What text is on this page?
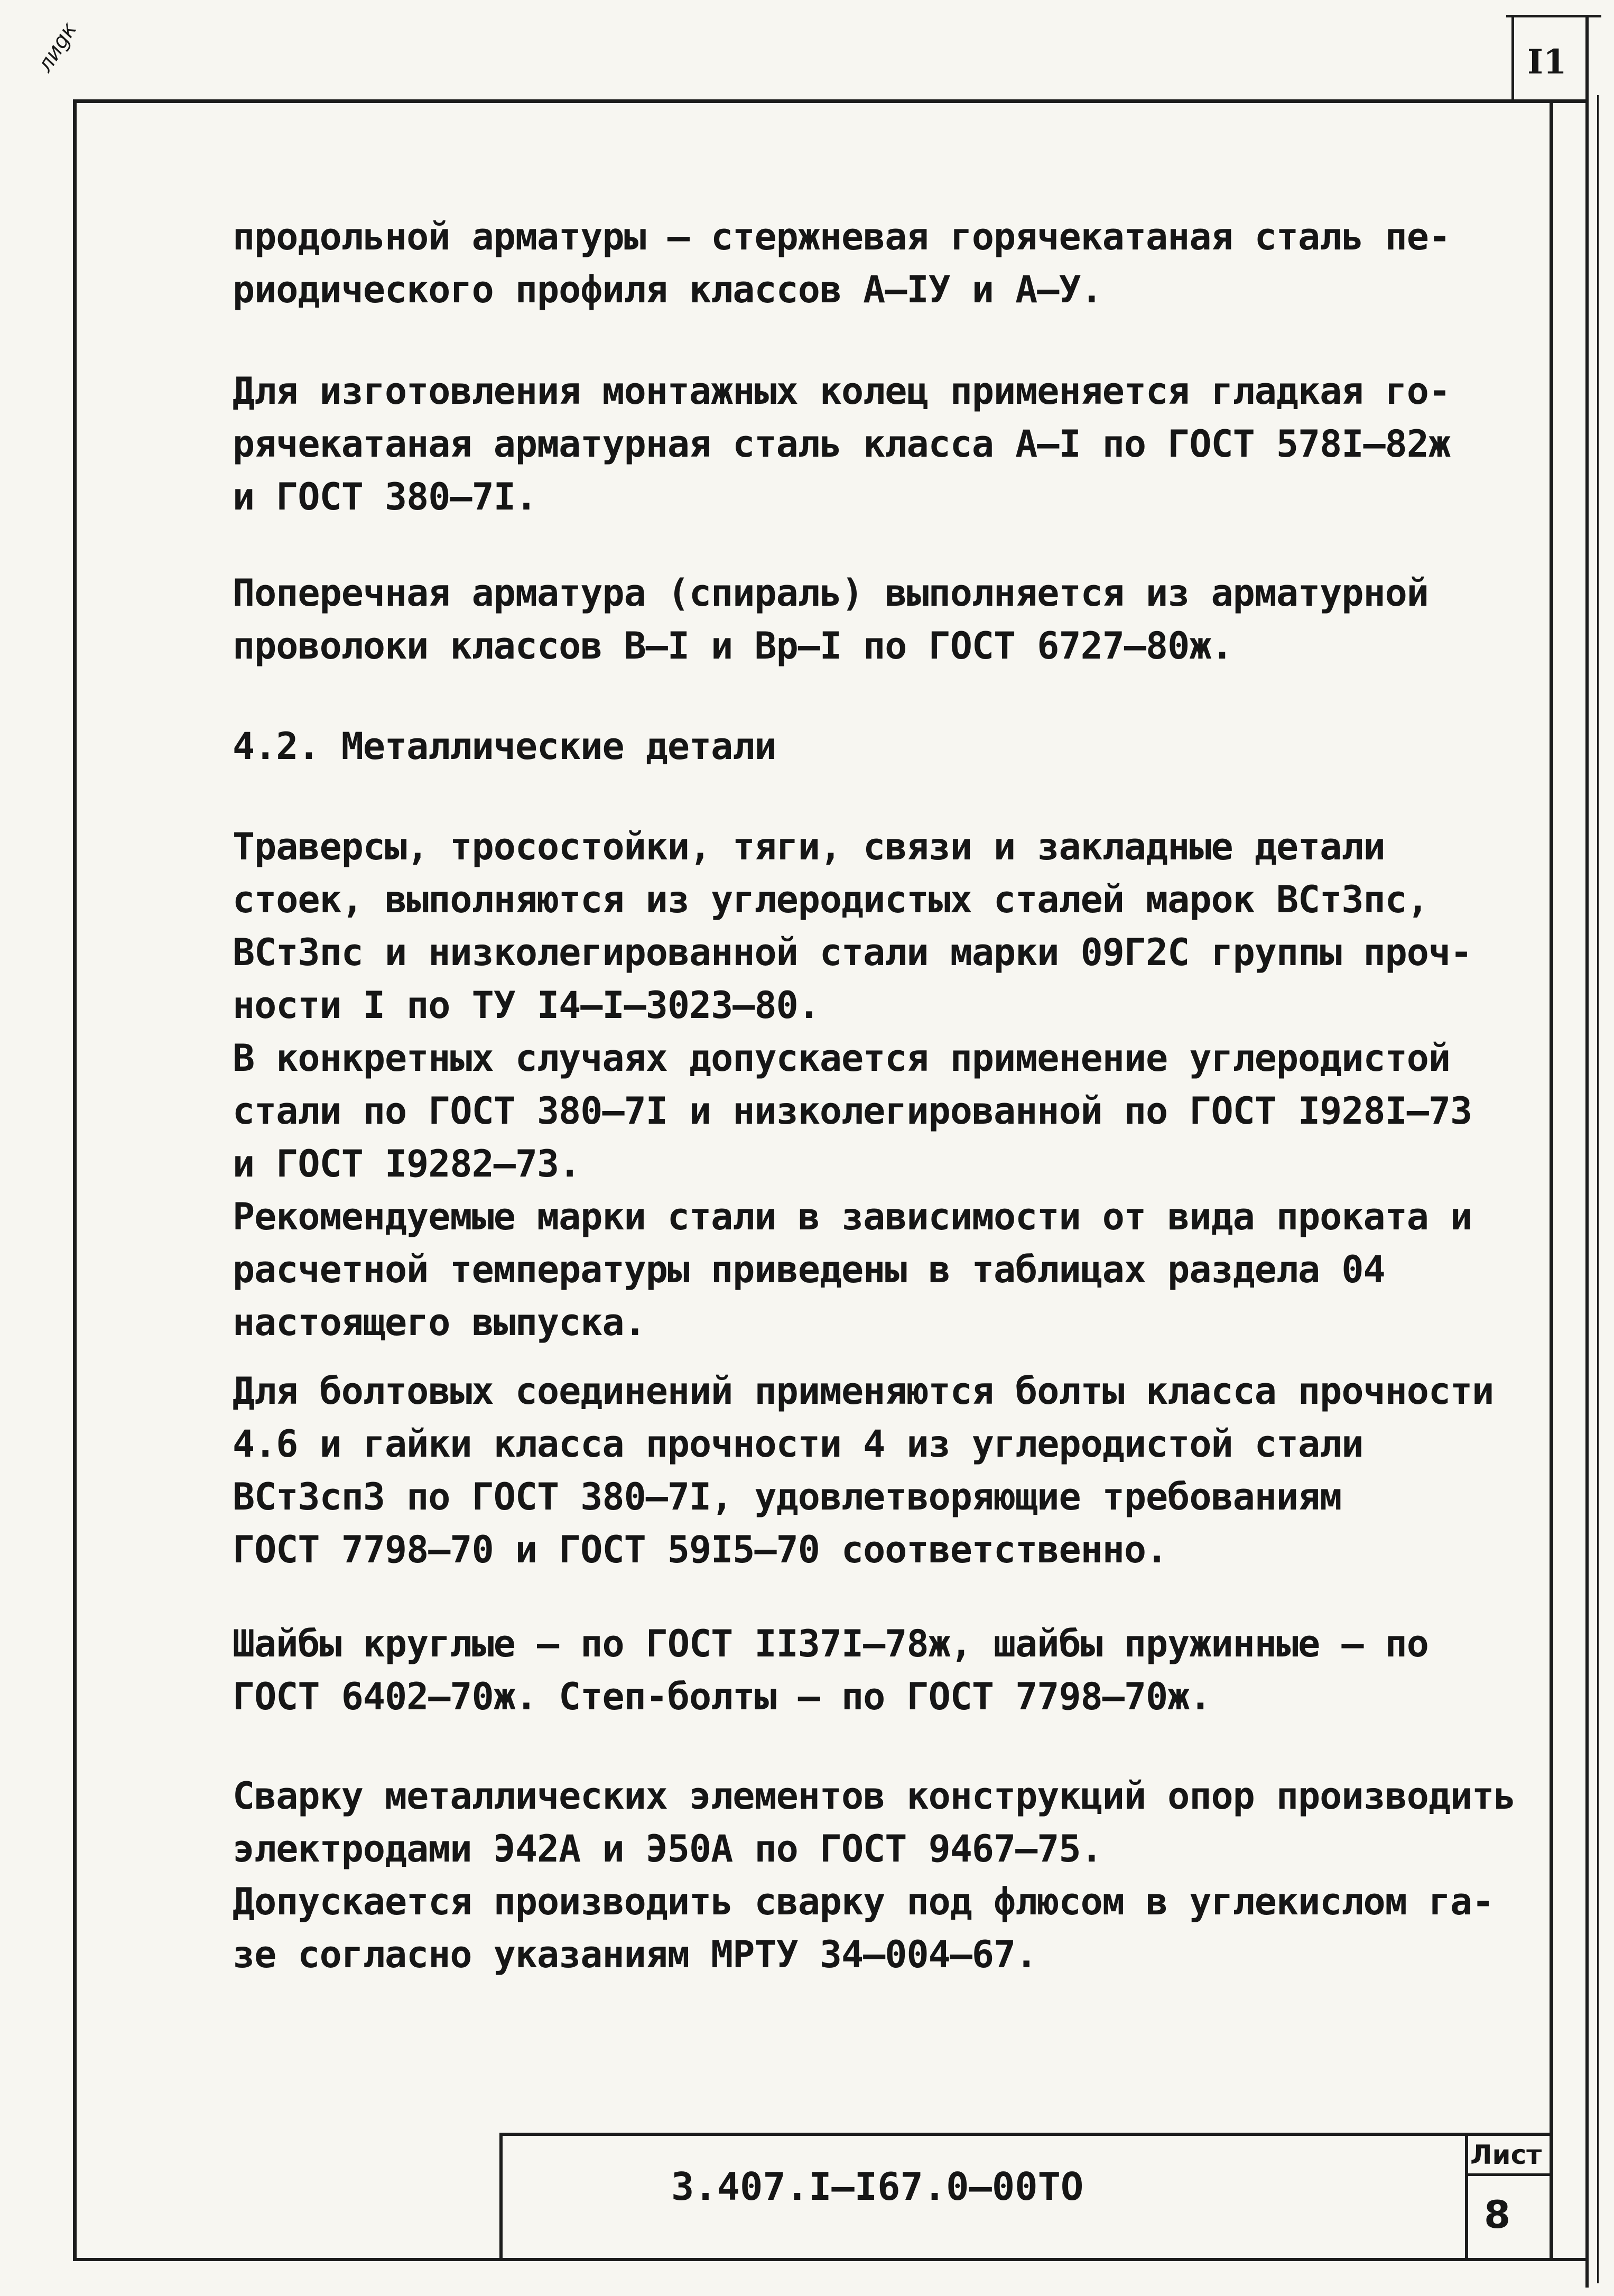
лиgк	I1
продольной арматуры – стержневая горячекатаная сталь пе-
риодического профиля классов А–IУ и А–У.
Для изготовления монтажных колец применяется гладкая го-
рячекатаная арматурная сталь класса А–I по ГОСТ 578I–82ж
и ГОСТ 380–7I.
Поперечная арматура (спираль) выполняется из арматурной
проволоки классов В–I и Вр–I по ГОСТ 6727–80ж.
4.2. Металлические детали
Траверсы, тросостойки, тяги, связи и закладные детали
стоек, выполняются из углеродистых сталей марок ВСт3пс,
ВСт3пс и низколегированной стали марки 09Г2С группы проч-
ности I по ТУ I4–I–3023–80.
В конкретных случаях допускается применение углеродистой
стали по ГОСТ 380–7I и низколегированной по ГОСТ I928I–73
и ГОСТ I9282–73.
Рекомендуемые марки стали в зависимости от вида проката и
расчетной температуры приведены в таблицах раздела 04
настоящего выпуска.
Для болтовых соединений применяются болты класса прочности
4.6 и гайки класса прочности 4 из углеродистой стали
ВСт3сп3 по ГОСТ 380–7I, удовлетворяющие требованиям
ГОСТ 7798–70 и ГОСТ 59I5–70 соответственно.
Шайбы круглые – по ГОСТ II37I–78ж, шайбы пружинные – по
ГОСТ 6402–70ж. Степ-болты – по ГОСТ 7798–70ж.
Сварку металлических элементов конструкций опор производить
электродами Э42А и Э50А по ГОСТ 9467–75.
Допускается производить сварку под флюсом в углекислом га-
зе согласно указаниям МРТУ 34–004–67.
3.407.I–I67.0–00ТО
Лист
8
